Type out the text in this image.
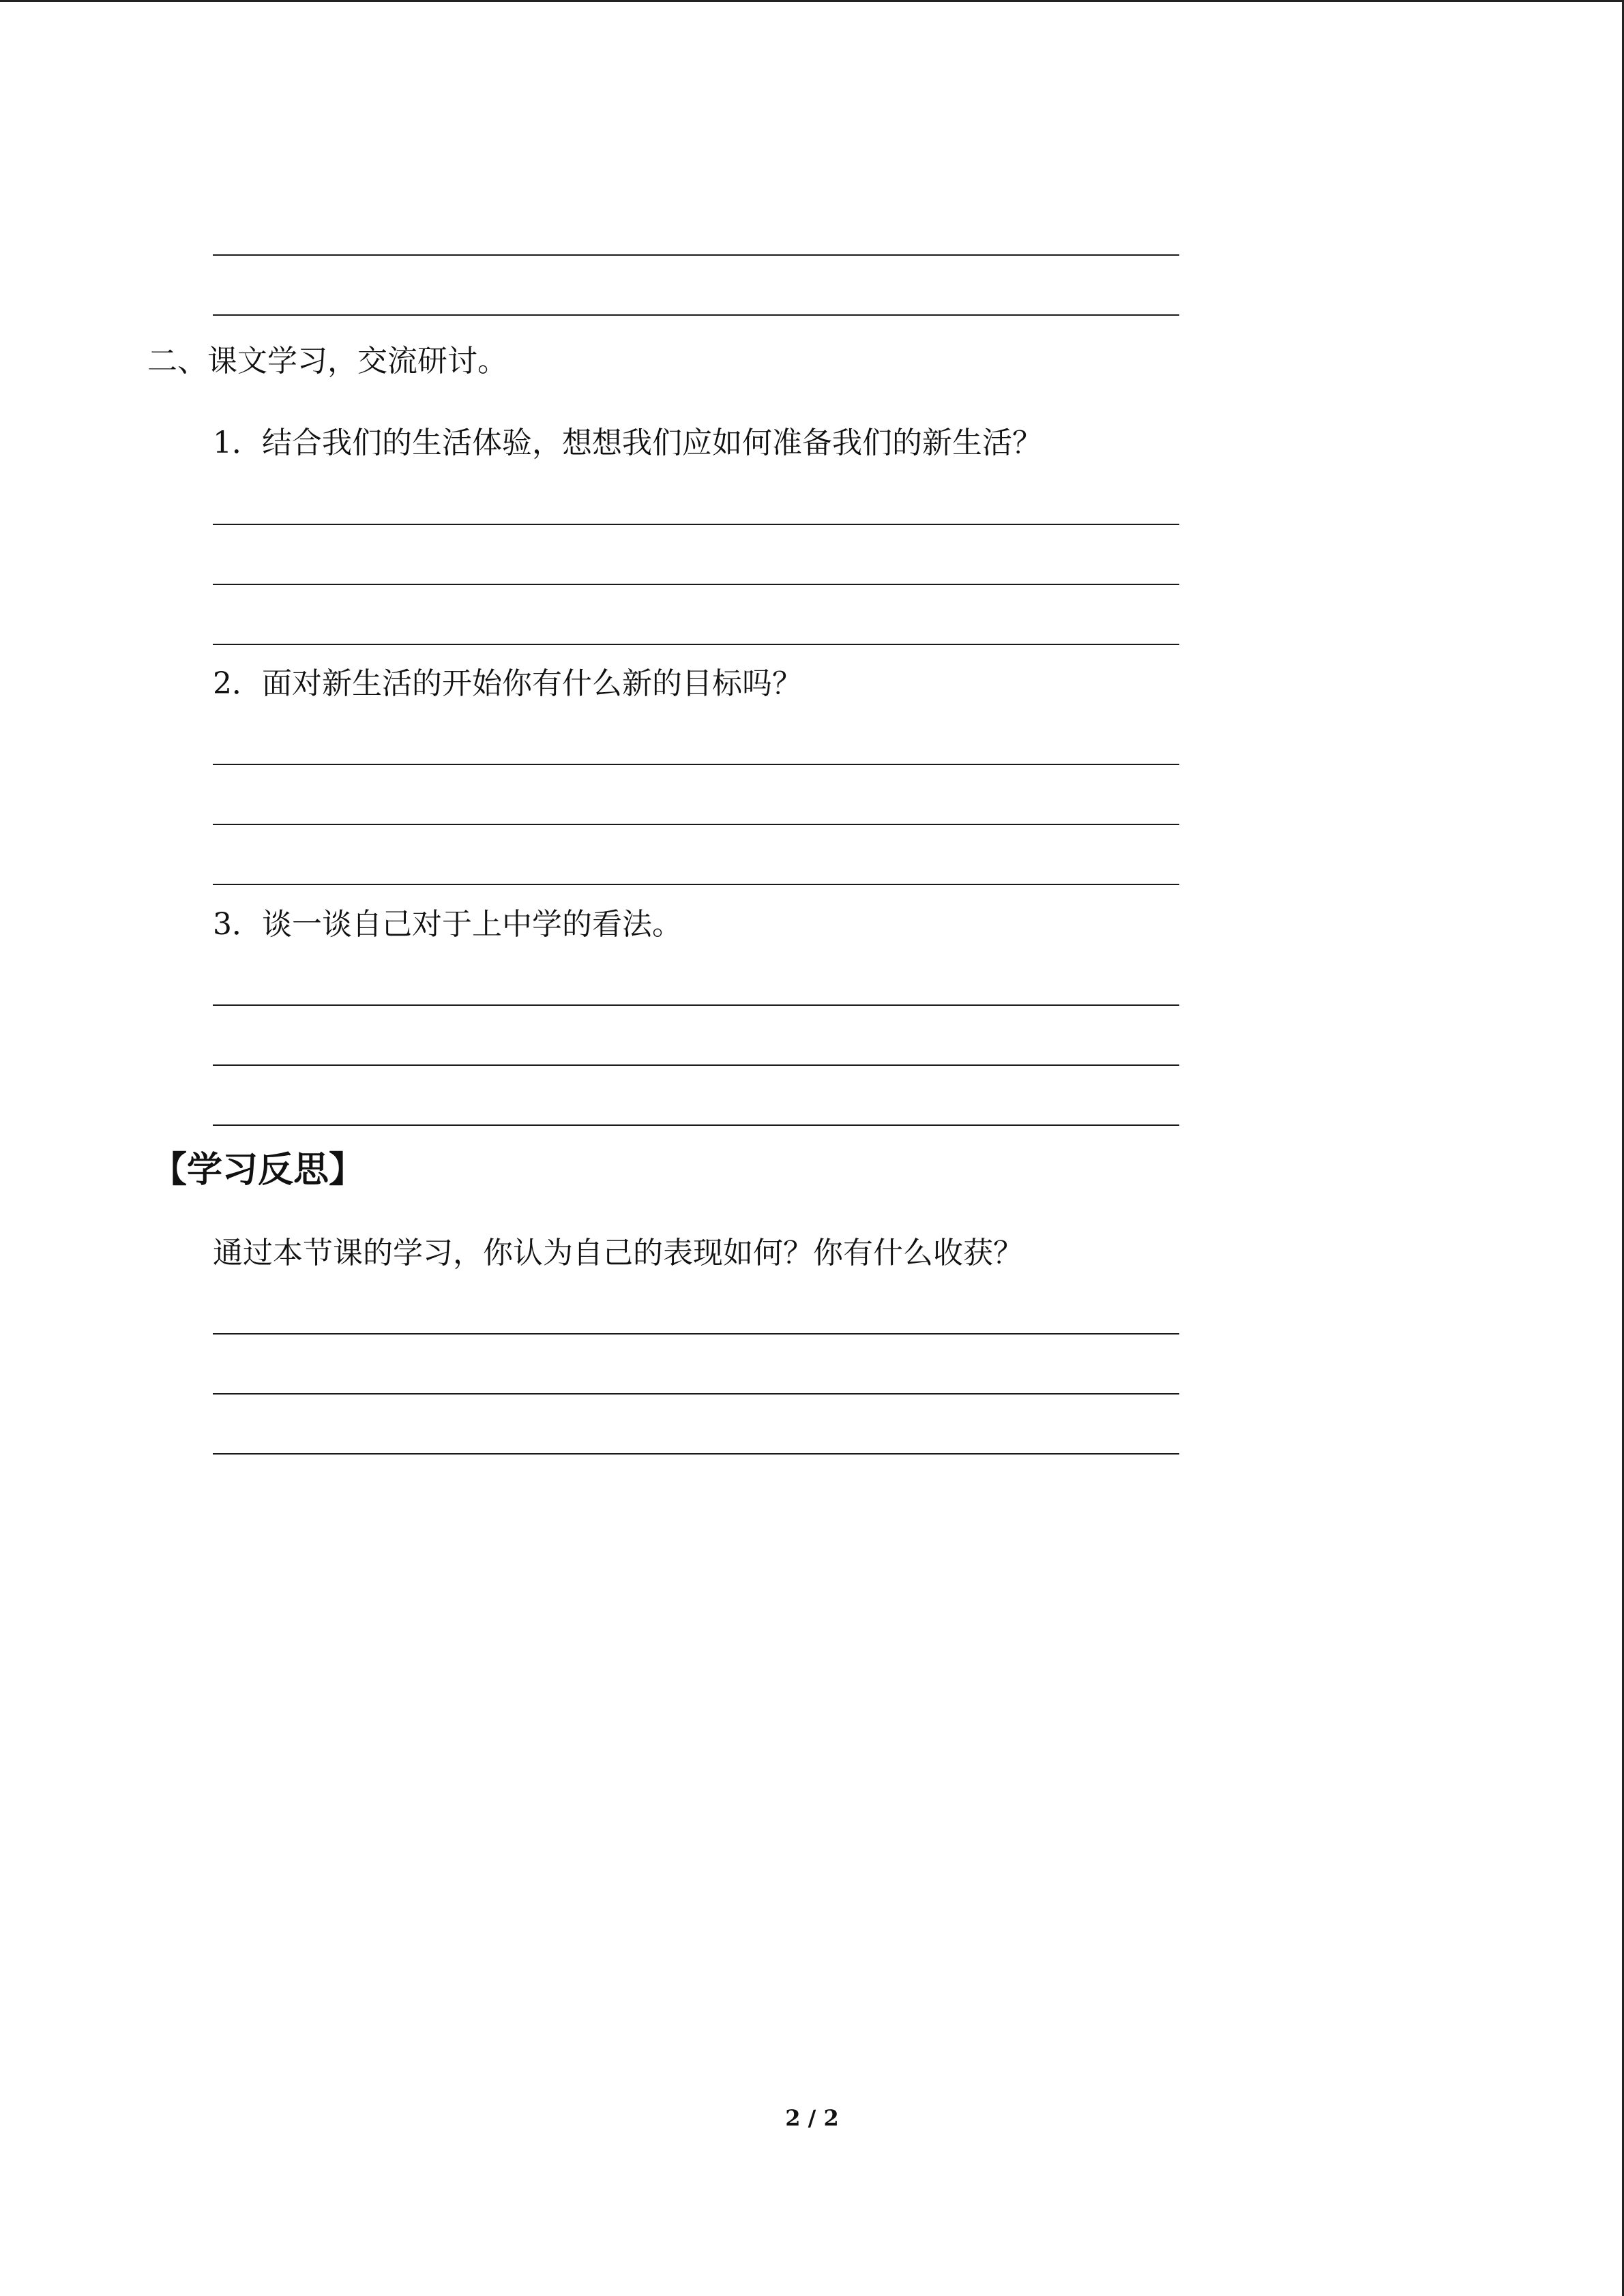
二、课文学习，交流研讨。
1．结合我们的生活体验，想想我们应如何准备我们的新生活？
2．面对新生活的开始你有什么新的目标吗？
3．谈一谈自己对于上中学的看法。
【学习反思】
通过本节课的学习，你认为自己的表现如何？你有什么收获？
2 / 2
